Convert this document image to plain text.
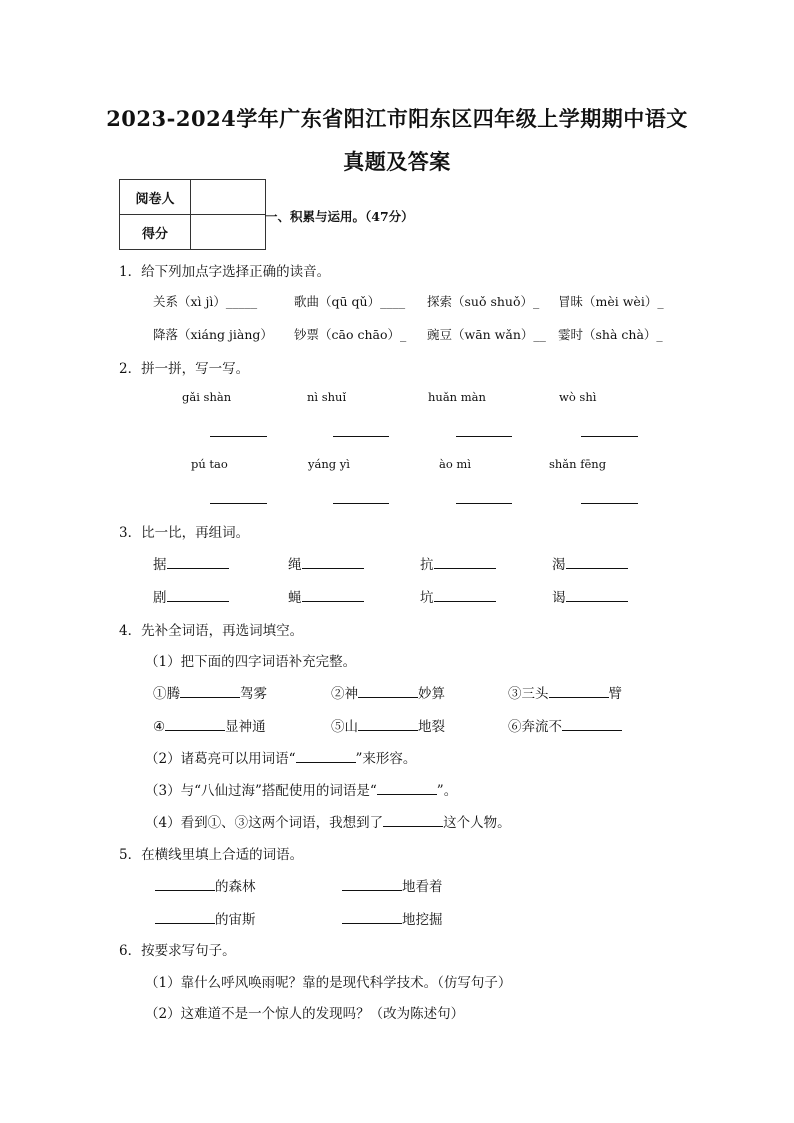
2023-2024学年广东省阳江市阳东区四年级上学期期中语文
真题及答案
阅卷人	
得分	
一、积累与运用。（47分）
1．给下列加点字选择正确的读音。
关系（xì jì）_____	歌曲（qū qǔ）____ 探索（suǒ shuǒ）_ 冒昧（mèi wèi）_
降落（xiáng jiàng） 钞票（cāo chāo）_ 豌豆（wān wǎn）__ 霎时（shà chà）_
2．拼一拼，写一写。
gǎi shàn	nì shuǐ	huǎn màn	wò shì
pú tao	yáng yì	ào mì	shǎn fēng
3．比一比，再组词。
据	绳	抗	渴
剧	蝇	坑	谒
4．先补全词语，再选词填空。
（1）把下面的四字词语补充完整。
①腾	驾雾	②神	妙算	③三头	臂
④	显神通	⑤山	地裂	⑥奔流不
（2）诸葛亮可以用词语“	”来形容。
（3）与“八仙过海”搭配使用的词语是“	”。
（4）看到①、③这两个词语，我想到了	这个人物。
5．在横线里填上合适的词语。
的森林	地看着
的宙斯	地挖掘
6．按要求写句子。
（1）靠什么呼风唤雨呢？靠的是现代科学技术。（仿写句子）
（2）这难道不是一个惊人的发现吗？（改为陈述句）
